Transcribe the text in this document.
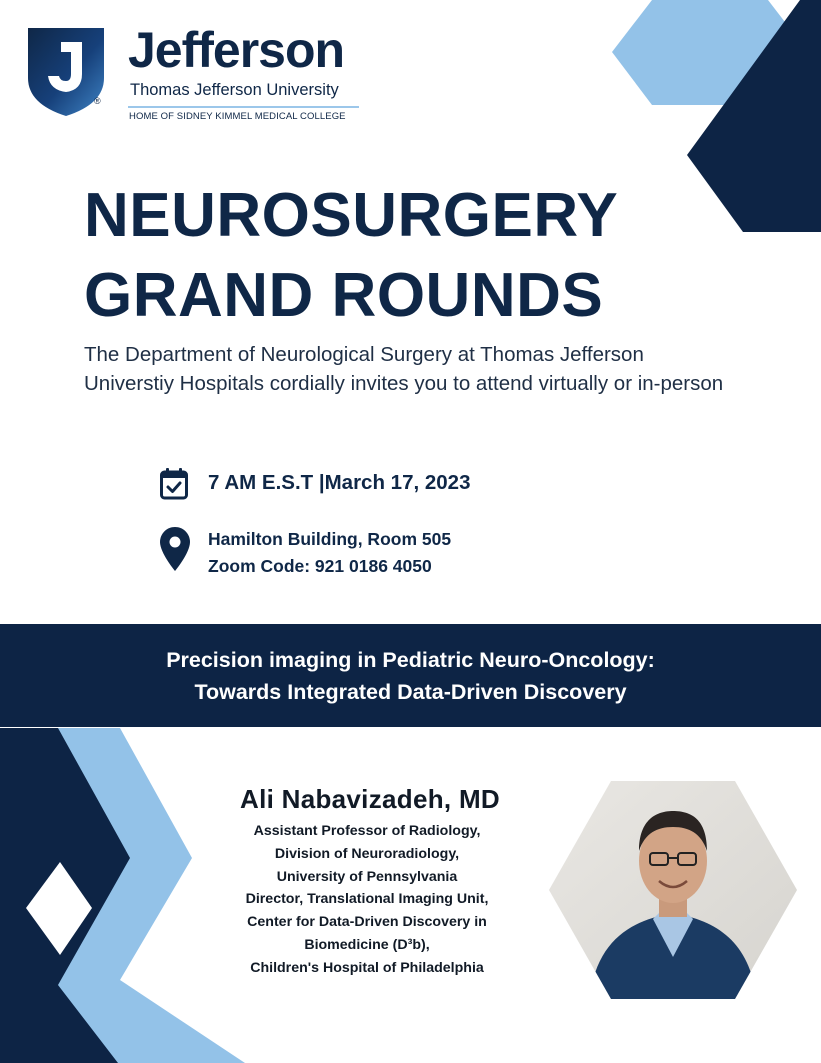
®
Jefferson
Thomas Jefferson University
HOME OF SIDNEY KIMMEL MEDICAL COLLEGE
NEUROSURGERY
GRAND ROUNDS
The Department of Neurological Surgery at Thomas Jefferson Universtiy Hospitals cordially invites you to attend virtually or in-person
7 AM E.S.T |March 17, 2023
Hamilton Building, Room 505
Zoom Code: 921 0186 4050
Precision imaging in Pediatric Neuro-Oncology:
Towards Integrated Data-Driven Discovery
Ali Nabavizadeh, MD
Assistant Professor of Radiology,
Division of Neuroradiology,
University of Pennsylvania
Director, Translational Imaging Unit,
Center for Data-Driven Discovery in
Biomedicine (D³b),
Children's Hospital of Philadelphia
